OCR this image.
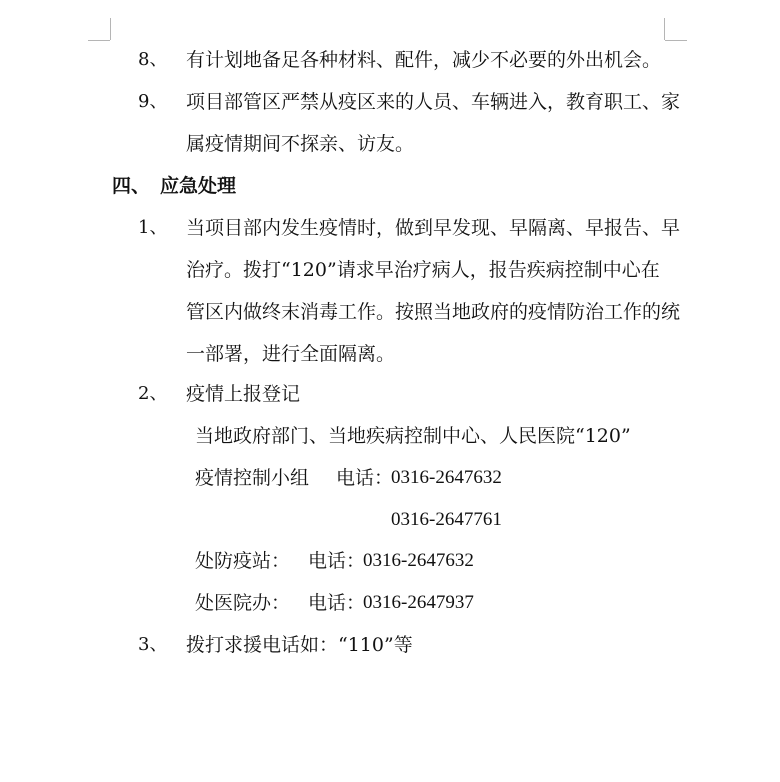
8、 有计划地备足各种材料、配件，减少不必要的外出机会。
9、 项目部管区严禁从疫区来的人员、车辆进入，教育职工、家
属疫情期间不探亲、访友。
四、 应急处理
1、 当项目部内发生疫情时，做到早发现、早隔离、早报告、早
治疗。拨打“120”请求早治疗病人，报告疾病控制中心在
管区内做终末消毒工作。按照当地政府的疫情防治工作的统
一部署，进行全面隔离。
2、 疫情上报登记
当地政府部门、当地疾病控制中心、人民医院“120”
疫情控制小组 电话：
0316-2647632
0316-2647761
处防疫站： 电话：
0316-2647632
处医院办： 电话：
0316-2647937
3、 拨打求援电话如：“110”等
